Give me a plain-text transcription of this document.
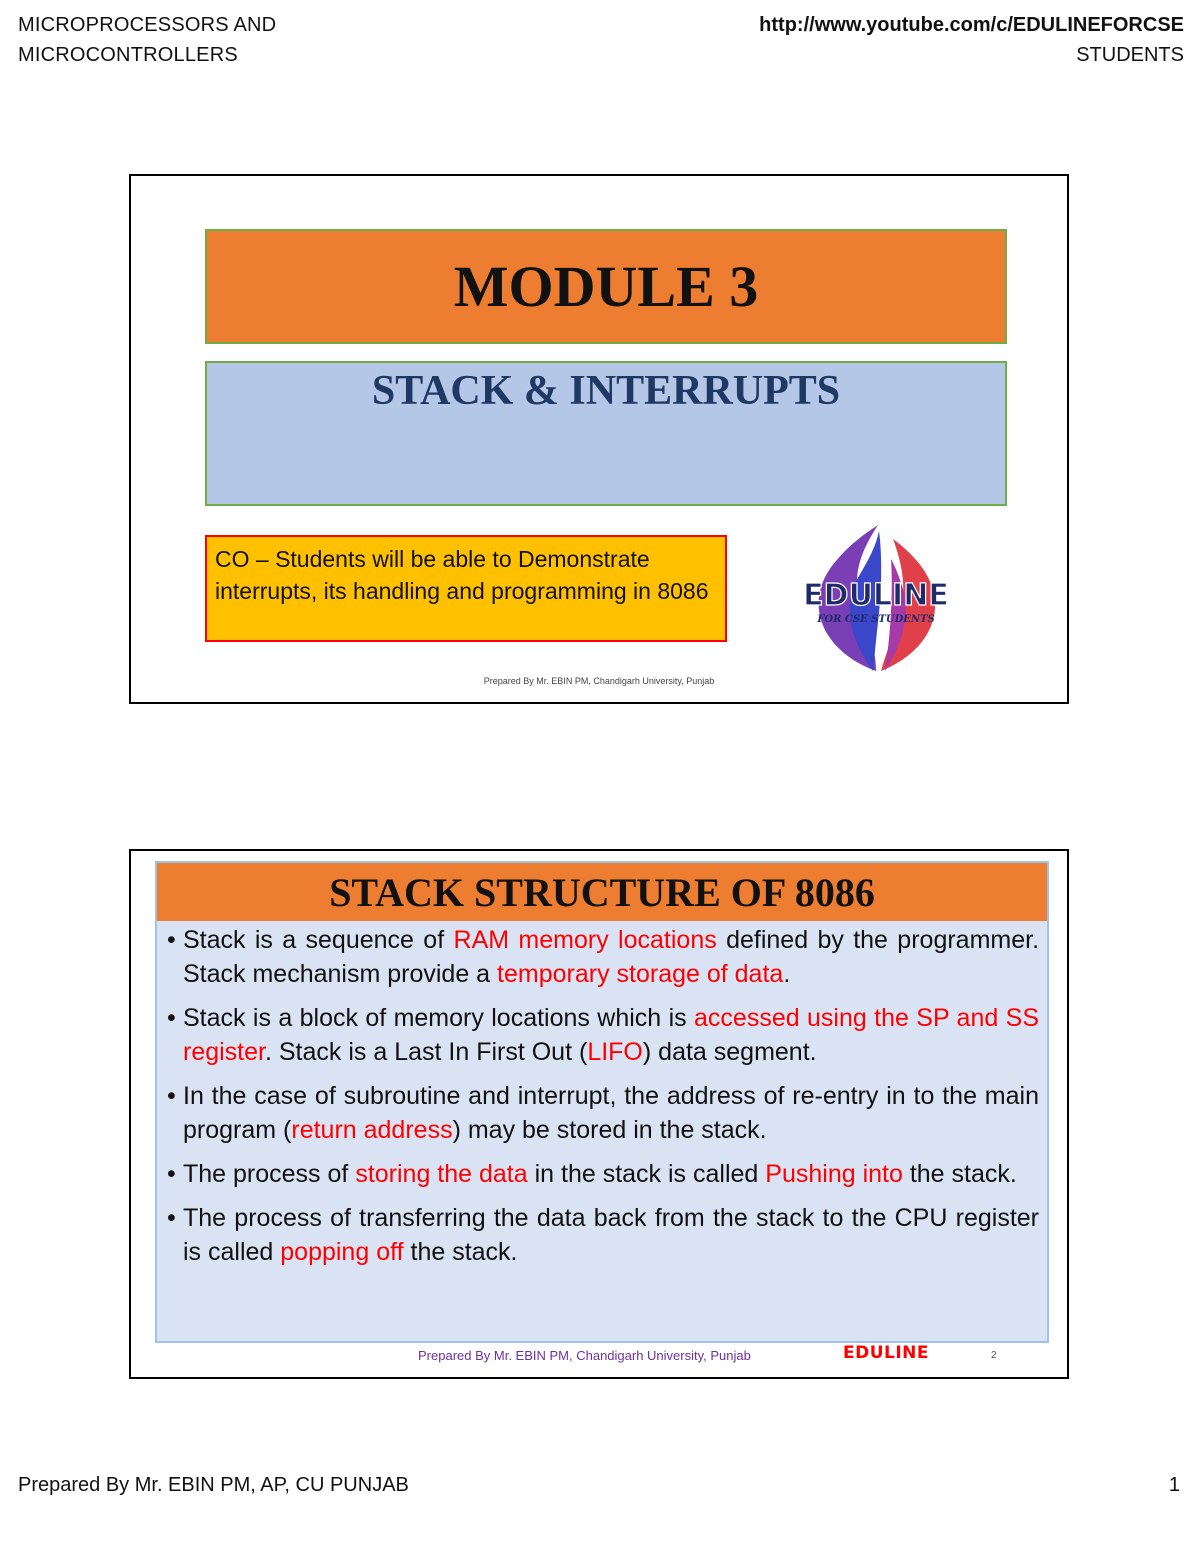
MICROPROCESSORS AND
MICROCONTROLLERS
http://www.youtube.com/c/EDULINEFORCSE
STUDENTS
MODULE 3
STACK & INTERRUPTS
CO – Students will be able to Demonstrate interrupts, its handling and programming in 8086	EDULINE
FOR CSE STUDENTS
Prepared By Mr. EBIN PM, Chandigarh University, Punjab
STACK STRUCTURE OF 8086
• Stack is a sequence of RAM memory locations defined by the programmer. Stack mechanism provide a temporary storage of data.
• Stack is a block of memory locations which is accessed using the SP and SS register. Stack is a Last In First Out (LIFO) data segment.
• In the case of subroutine and interrupt, the address of re-entry in to the main program (return address) may be stored in the stack.
• The process of storing the data in the stack is called Pushing into the stack.
• The process of transferring the data back from the stack to the CPU register is called popping off the stack.
Prepared By Mr. EBIN PM, Chandigarh University, Punjab	EDULINE	2
Prepared By Mr. EBIN PM, AP, CU PUNJAB	1
